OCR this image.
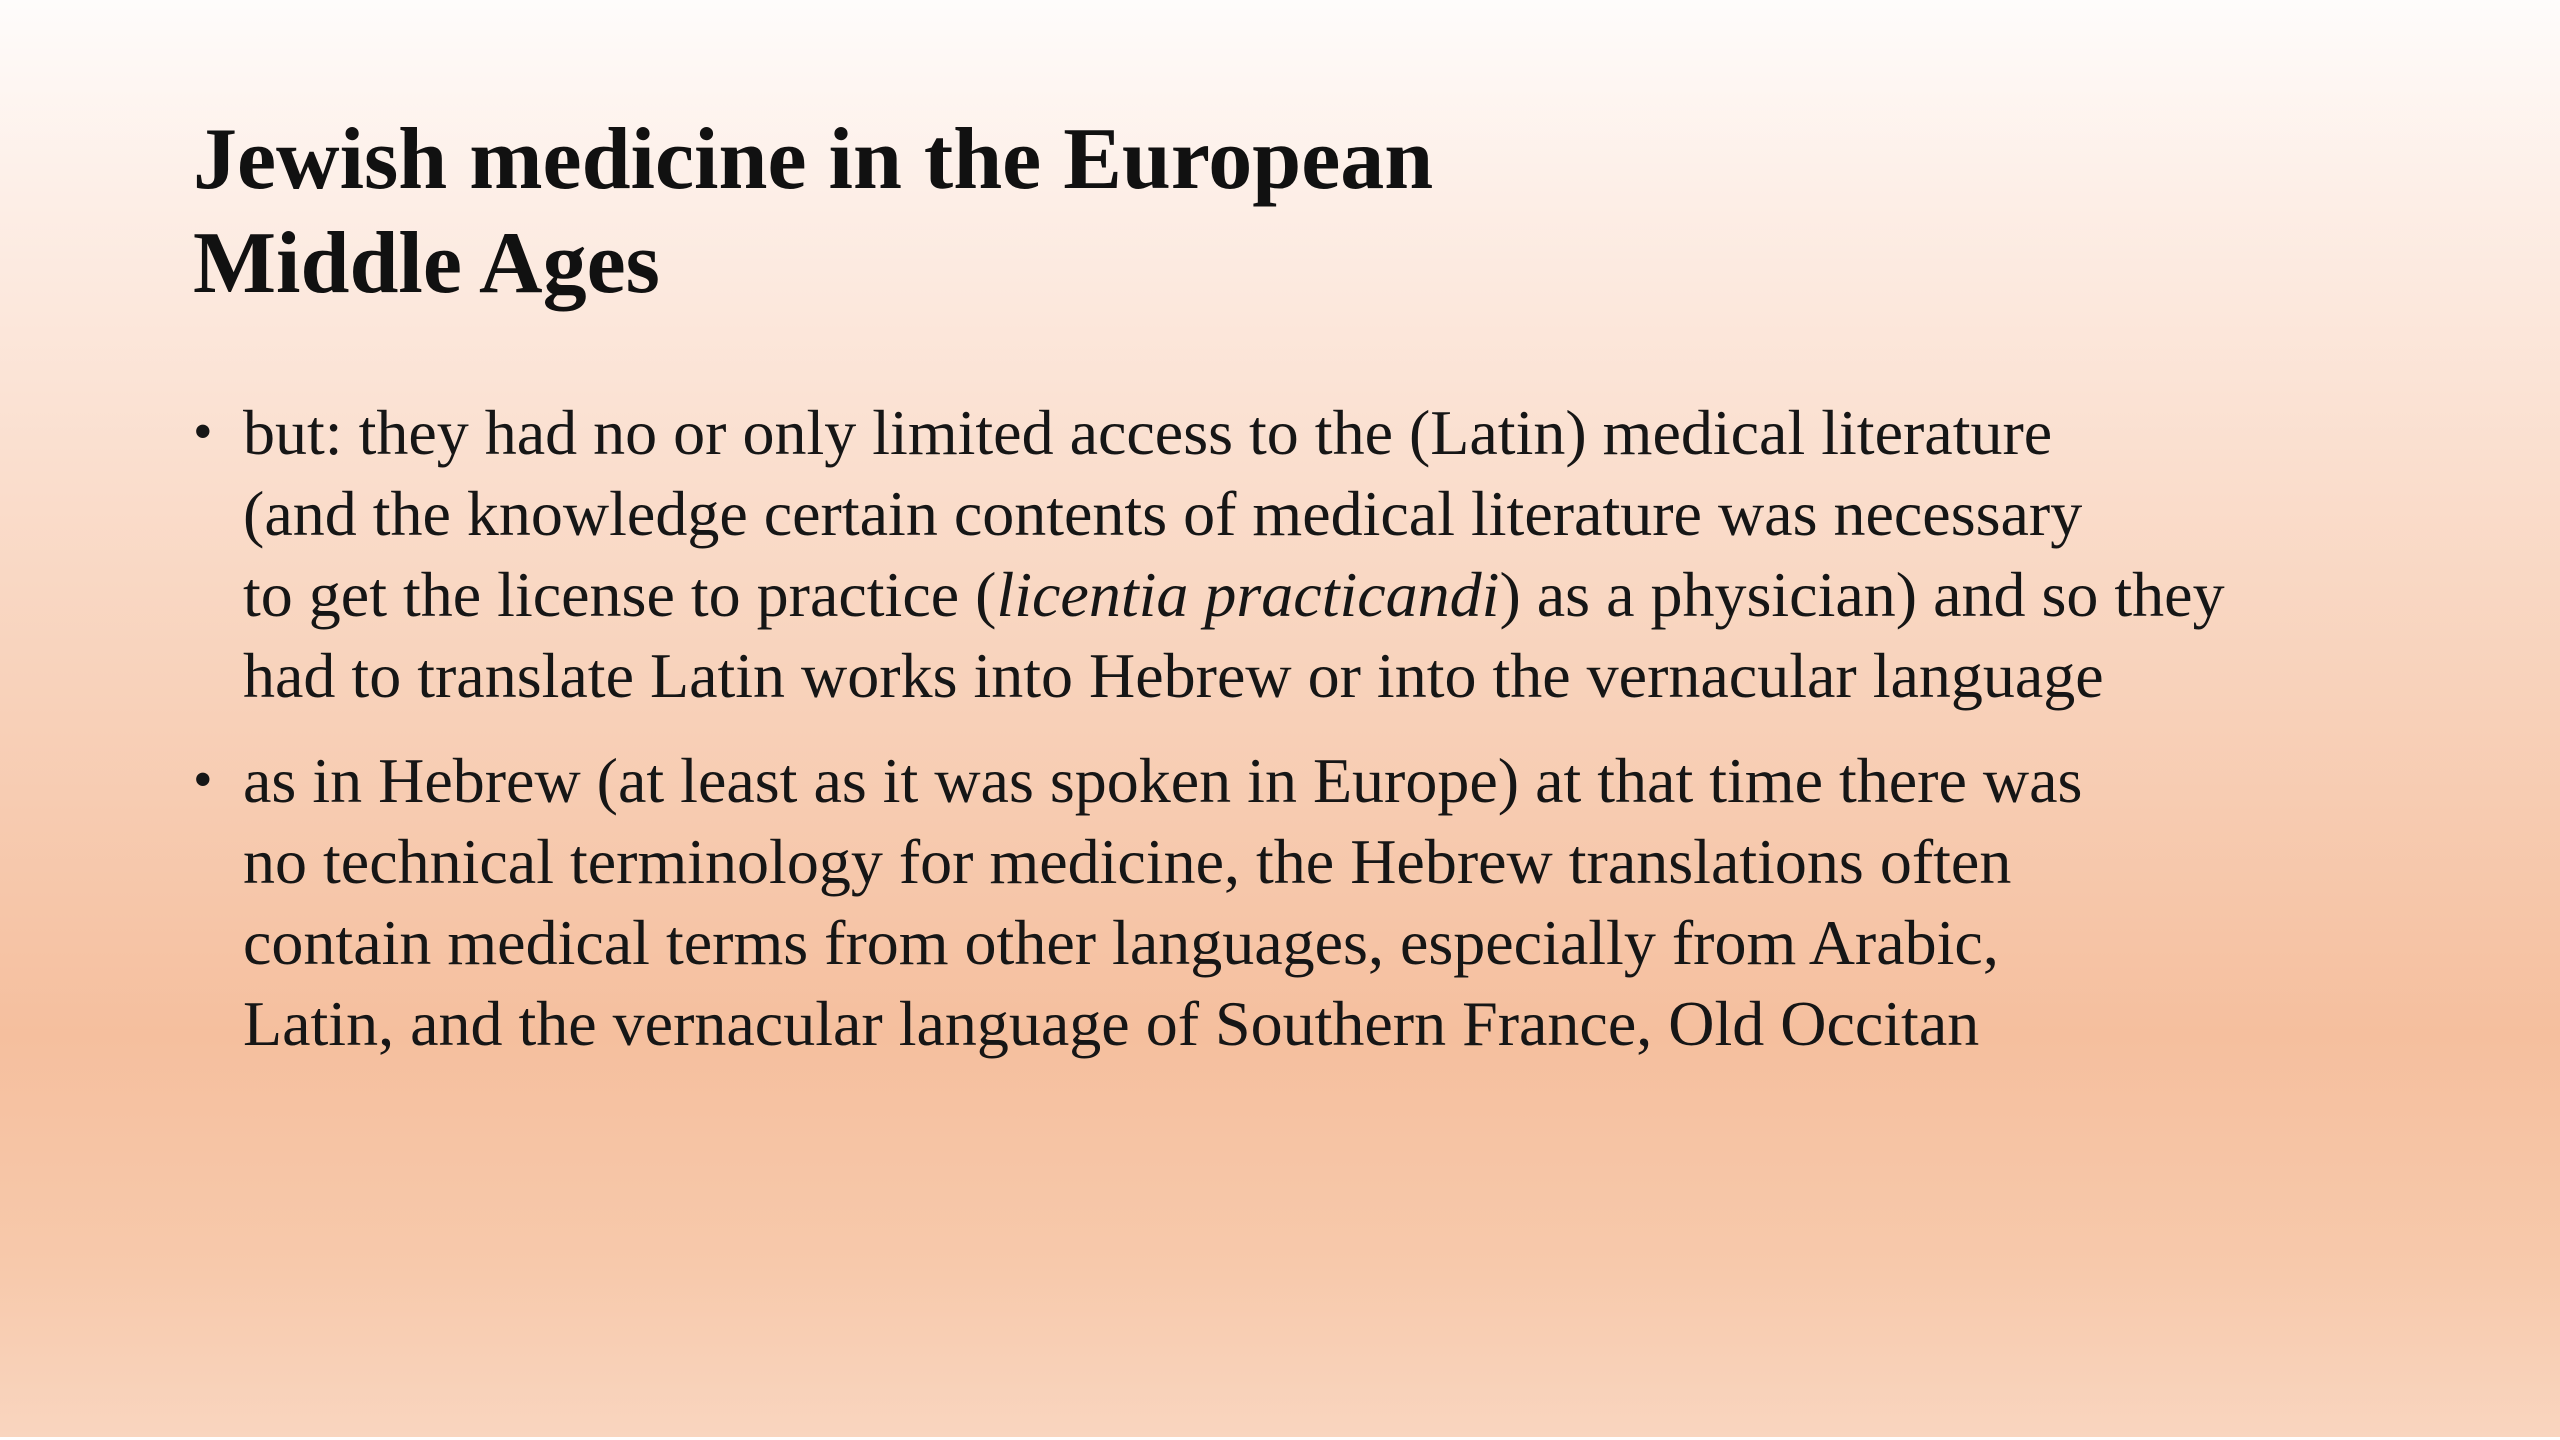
Jewish medicine in the European
Middle Ages
• but: they had no or only limited access to the (Latin) medical literature
(and the knowledge certain contents of medical literature was necessary
to get the license to practice (licentia practicandi) as a physician) and so they
had to translate Latin works into Hebrew or into the vernacular language
• as in Hebrew (at least as it was spoken in Europe) at that time there was
no technical terminology for medicine, the Hebrew translations often
contain medical terms from other languages, especially from Arabic,
Latin, and the vernacular language of Southern France, Old Occitan
